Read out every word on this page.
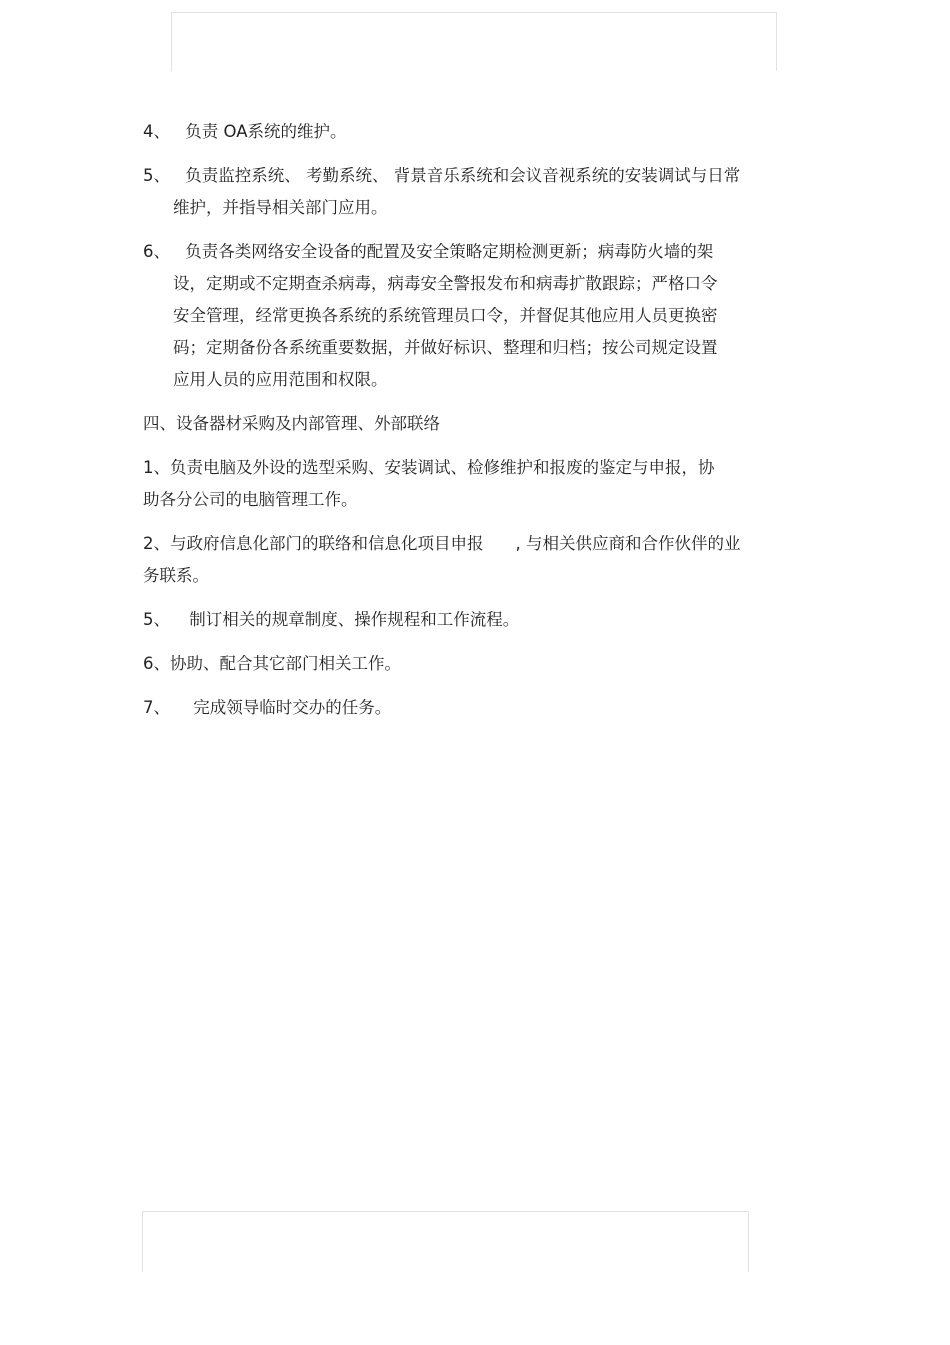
4、 负责 OA系统的维护。

5、 负责监控系统、 考勤系统、 背景音乐系统和会议音视系统的安装调试与日常
维护，并指导相关部门应用。

6、 负责各类网络安全设备的配置及安全策略定期检测更新；病毒防火墙的架
设，定期或不定期查杀病毒，病毒安全警报发布和病毒扩散跟踪；严格口令
安全管理，经常更换各系统的系统管理员口令，并督促其他应用人员更换密
码；定期备份各系统重要数据，并做好标识、整理和归档；按公司规定设置
应用人员的应用范围和权限。

四、设备器材采购及内部管理、外部联络

1、负责电脑及外设的选型采购、安装调试、检修维护和报废的鉴定与申报，协
助各分公司的电脑管理工作。

2、与政府信息化部门的联络和信息化项目申报 , 与相关供应商和合作伙伴的业
务联系。

5、 制订相关的规章制度、操作规程和工作流程。

6、协助、配合其它部门相关工作。

7、 完成领导临时交办的任务。
